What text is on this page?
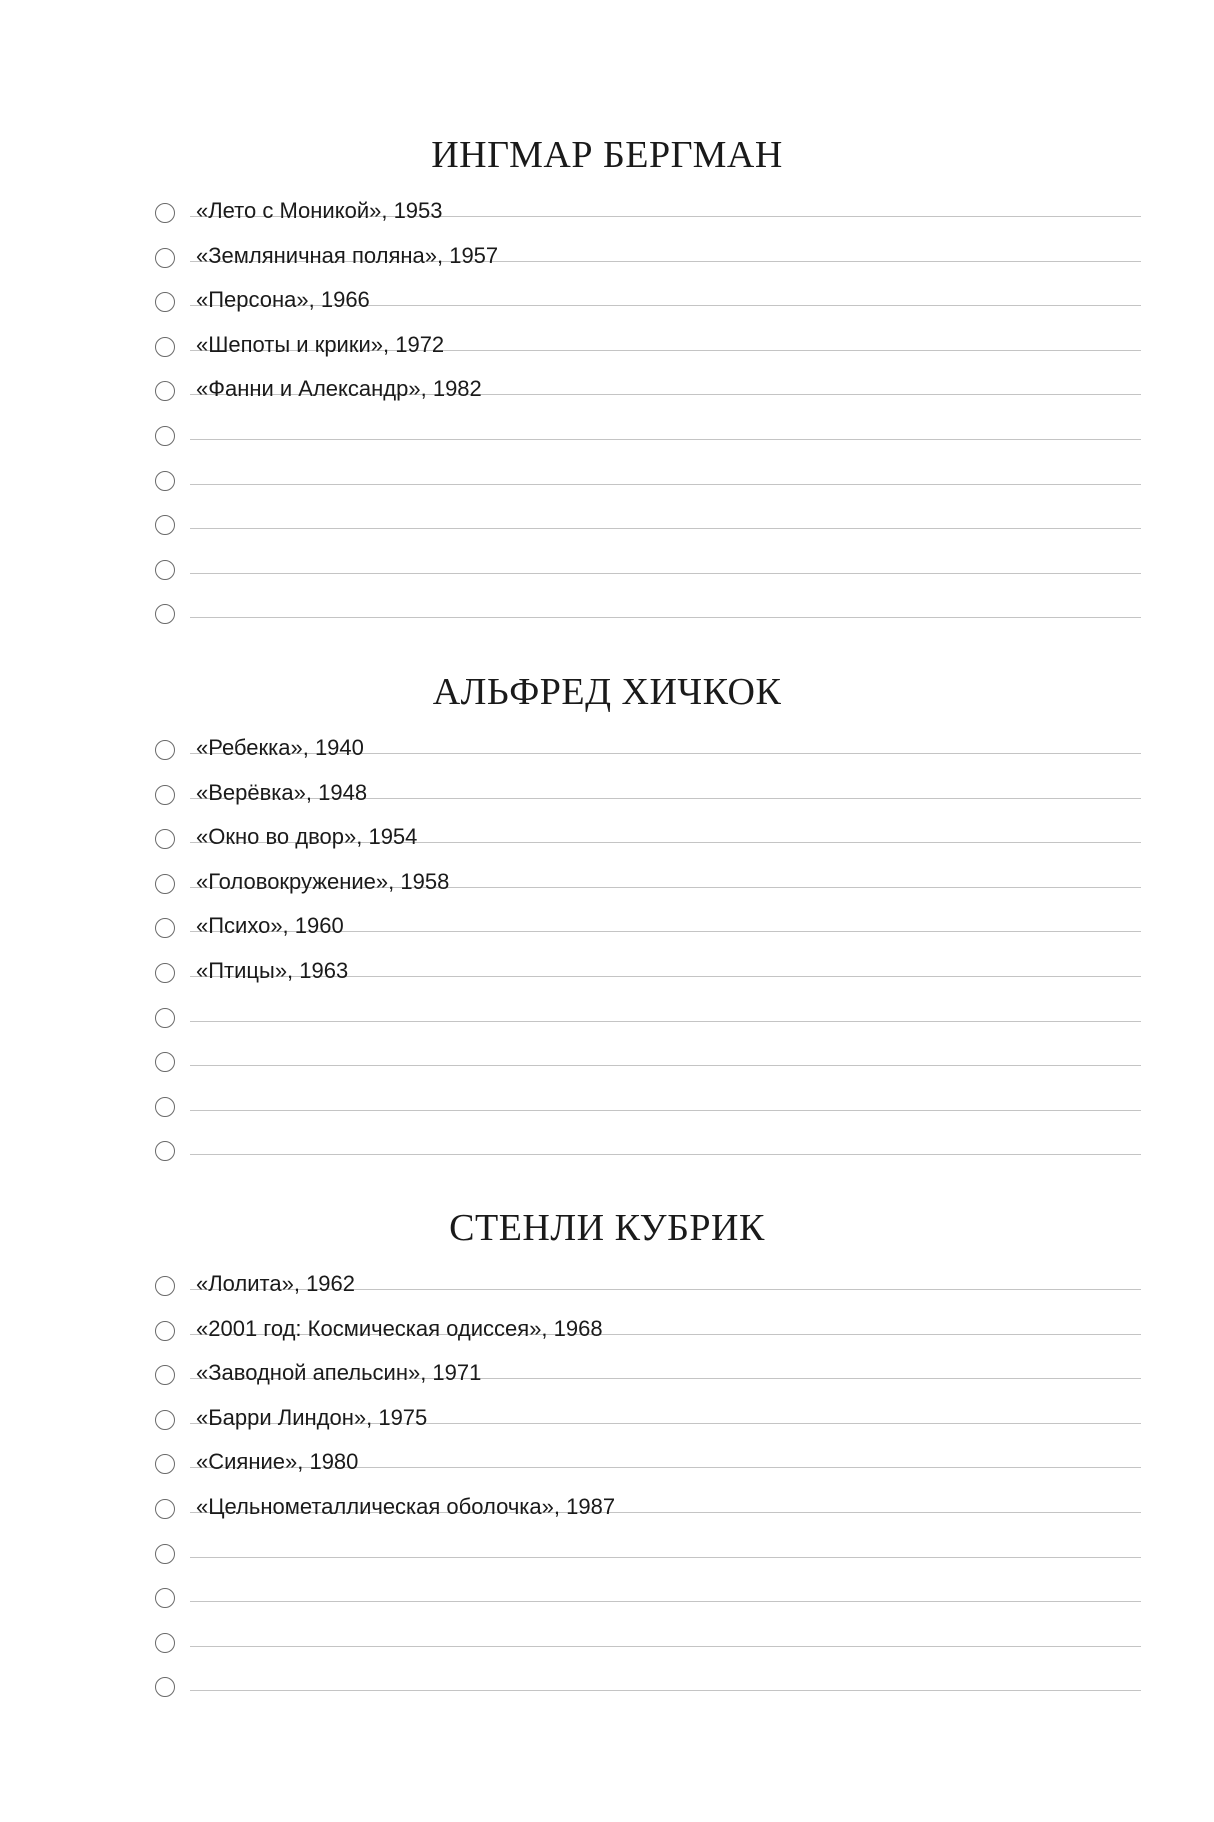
ИНГМАР БЕРГМАН
«Лето с Моникой», 1953
«Земляничная поляна», 1957
«Персона», 1966
«Шепоты и крики», 1972
«Фанни и Александр», 1982
АЛЬФРЕД ХИЧКОК
«Ребекка», 1940
«Верёвка», 1948
«Окно во двор», 1954
«Головокружение», 1958
«Психо», 1960
«Птицы», 1963
СТЕНЛИ КУБРИК
«Лолита», 1962
«2001 год: Космическая одиссея», 1968
«Заводной апельсин», 1971
«Барри Линдон», 1975
«Сияние», 1980
«Цельнометаллическая оболочка», 1987
